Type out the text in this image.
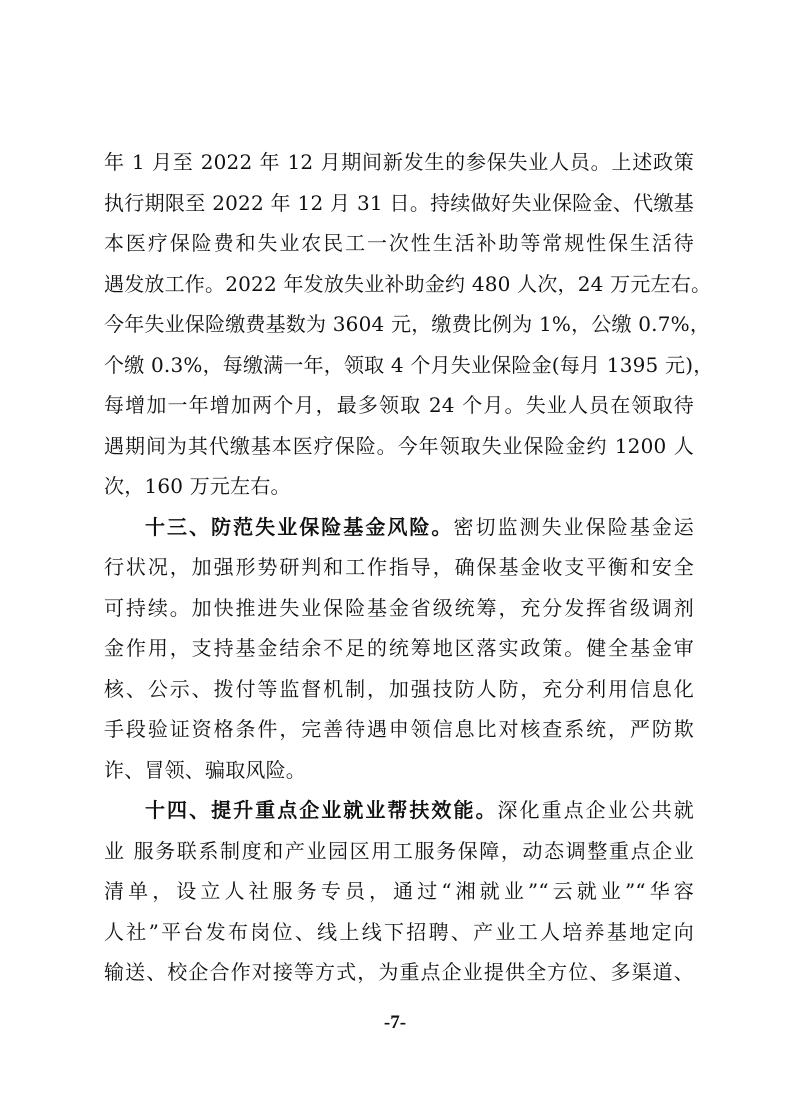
年 1 月至 2022 年 12 月期间新发生的参保失业人员。上述政策
执行期限至 2022 年 12 月 31 日。持续做好失业保险金、代缴基
本医疗保险费和失业农民工一次性生活补助等常规性保生活待
遇发放工作。2022 年发放失业补助金约 480 人次，24 万元左右。
今年失业保险缴费基数为 3604 元，缴费比例为 1%，公缴 0.7%，
个缴 0.3%，每缴满一年，领取 4 个月失业保险金(每月 1395 元)，
每增加一年增加两个月，最多领取 24 个月。失业人员在领取待
遇期间为其代缴基本医疗保险。今年领取失业保险金约 1200 人
次，160 万元左右。
十三、防范失业保险基金风险。密切监测失业保险基金运
行状况，加强形势研判和工作指导，确保基金收支平衡和安全
可持续。加快推进失业保险基金省级统筹，充分发挥省级调剂
金作用，支持基金结余不足的统筹地区落实政策。健全基金审
核、公示、拨付等监督机制，加强技防人防，充分利用信息化
手段验证资格条件，完善待遇申领信息比对核查系统，严防欺
诈、冒领、骗取风险。
十四、提升重点企业就业帮扶效能。深化重点企业公共就
业 服务联系制度和产业园区用工服务保障，动态调整重点企业
清单，设立人社服务专员，通过“湘就业”“云就业”“华容
人社”平台发布岗位、线上线下招聘、产业工人培养基地定向
输送、校企合作对接等方式，为重点企业提供全方位、多渠道、
-7-
